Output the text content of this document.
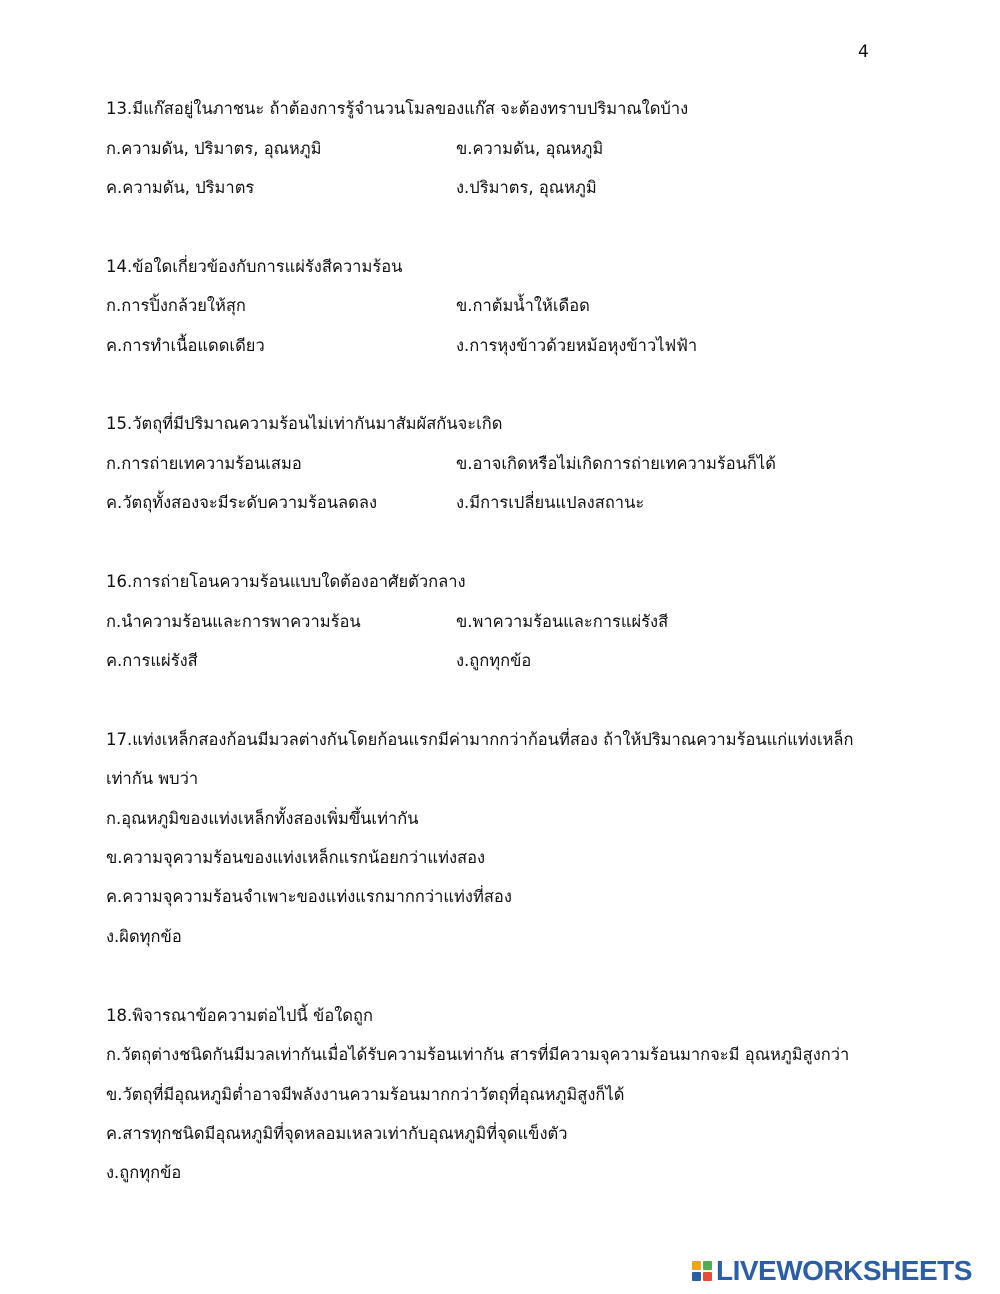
4
13.มีแก๊สอยู่ในภาชนะ ถ้าต้องการรู้จำนวนโมลของแก๊ส จะต้องทราบปริมาณใดบ้าง
ก.ความดัน, ปริมาตร, อุณหภูมิ	ข.ความดัน, อุณหภูมิ
ค.ความดัน, ปริมาตร	ง.ปริมาตร, อุณหภูมิ
14.ข้อใดเกี่ยวข้องกับการแผ่รังสีความร้อน
ก.การปิ้งกล้วยให้สุก	ข.กาต้มน้ำให้เดือด
ค.การทำเนื้อแดดเดียว	ง.การหุงข้าวด้วยหม้อหุงข้าวไฟฟ้า
15.วัตถุที่มีปริมาณความร้อนไม่เท่ากันมาสัมผัสกันจะเกิด
ก.การถ่ายเทความร้อนเสมอ	ข.อาจเกิดหรือไม่เกิดการถ่ายเทความร้อนก็ได้
ค.วัตถุทั้งสองจะมีระดับความร้อนลดลง	ง.มีการเปลี่ยนแปลงสถานะ
16.การถ่ายโอนความร้อนแบบใดต้องอาศัยตัวกลาง
ก.นำความร้อนและการพาความร้อน	ข.พาความร้อนและการแผ่รังสี
ค.การแผ่รังสี	ง.ถูกทุกข้อ
17.แท่งเหล็กสองก้อนมีมวลต่างกันโดยก้อนแรกมีค่ามากกว่าก้อนที่สอง ถ้าให้ปริมาณความร้อนแก่แท่งเหล็ก
เท่ากัน พบว่า
ก.อุณหภูมิของแท่งเหล็กทั้งสองเพิ่มขึ้นเท่ากัน
ข.ความจุความร้อนของแท่งเหล็กแรกน้อยกว่าแท่งสอง
ค.ความจุความร้อนจำเพาะของแท่งแรกมากกว่าแท่งที่สอง
ง.ผิดทุกข้อ
18.พิจารณาข้อความต่อไปนี้ ข้อใดถูก
ก.วัตถุต่างชนิดกันมีมวลเท่ากันเมื่อได้รับความร้อนเท่ากัน สารที่มีความจุความร้อนมากจะมี อุณหภูมิสูงกว่า
ข.วัตถุที่มีอุณหภูมิต่ำอาจมีพลังงานความร้อนมากกว่าวัตถุที่อุณหภูมิสูงก็ได้
ค.สารทุกชนิดมีอุณหภูมิที่จุดหลอมเหลวเท่ากับอุณหภูมิที่จุดแข็งตัว
ง.ถูกทุกข้อ
LIVEWORKSHEETS
